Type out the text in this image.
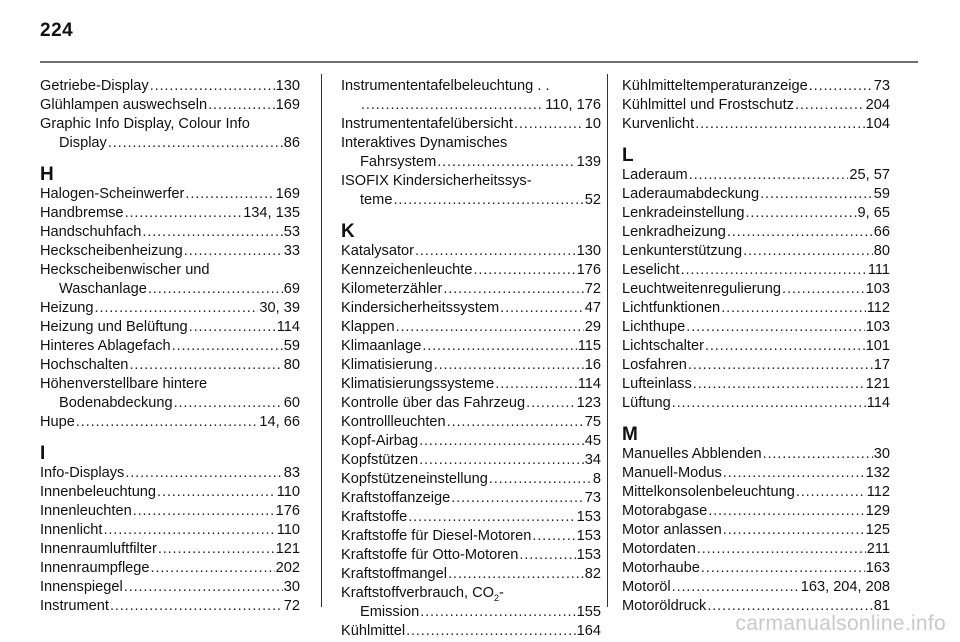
224
Getriebe-Display . . .	130
Glühlampen auswechseln . . .	169
Graphic Info Display, Colour Info
Display . . .	86
H
Halogen-Scheinwerfer . . .	169
Handbremse . . .	134, 135
Handschuhfach . . .	53
Heckscheibenheizung . . .	33
Heckscheibenwischer und
Waschanlage . . .	69
Heizung . . .	30, 39
Heizung und Belüftung . . .	114
Hinteres Ablagefach . . .	59
Hochschalten . . .	80
Höhenverstellbare hintere
Bodenabdeckung . . .	60
Hupe . . .	14, 66
I
Info-Displays . . .	83
Innenbeleuchtung . . .	110
Innenleuchten . . .	176
Innenlicht . . .	110
Innenraumluftfilter . . .	121
Innenraumpflege . . .	202
Innenspiegel . . .	30
Instrument . . .	72
Instrumententafelbeleuchtung . .
. . .
110, 176
Instrumententafelübersicht . . .	10
Interaktives Dynamisches
Fahrsystem . . .	139
ISOFIX Kindersicherheitssys-
teme . . .	52
K
Katalysator . . .	130
Kennzeichenleuchte . . .	176
Kilometerzähler . . .	72
Kindersicherheitssystem . . .	47
Klappen . . .	29
Klimaanlage . . .	115
Klimatisierung . . .	16
Klimatisierungssysteme . . .	114
Kontrolle über das Fahrzeug . . .	123
Kontrollleuchten . . .	75
Kopf-Airbag . . .	45
Kopfstützen . . .	34
Kopfstützeneinstellung . . .	8
Kraftstoffanzeige . . .	73
Kraftstoffe . . .	153
Kraftstoffe für Diesel-Motoren . . .	153
Kraftstoffe für Otto-Motoren . . .	153
Kraftstoffmangel . . .	82
Kraftstoffverbrauch, $CO_2-$
Emission . . .	155
Kühlmittel . . .	164
Kühlmitteltemperaturanzeige . . .	73
Kühlmittel und Frostschutz . . .	204
Kurvenlicht . . .	104
L
Laderaum . . .	25, 57
Laderaumabdeckung . . .	59
Lenkradeinstellung . . .	9, 65
Lenkradheizung . . .	66
Lenkunterstützung . . .	80
Leselicht . . .	111
Leuchtweitenregulierung . . .	103
Lichtfunktionen . . .	112
Lichthupe . . .	103
Lichtschalter . . .	101
Losfahren . . .	17
Lufteinlass . . .	121
Lüftung . . .	114
M
Manuelles Abblenden . . .	30
Manuell-Modus . . .	132
Mittelkonsolenbeleuchtung . . .	112
Motorabgase . . .	129
Motor anlassen . . .	125
Motordaten . . .	211
Motorhaube . . .	163
Motoröl . . .	163, 204, 208
Motoröldruck . . .	81
carmanualsonline.info
